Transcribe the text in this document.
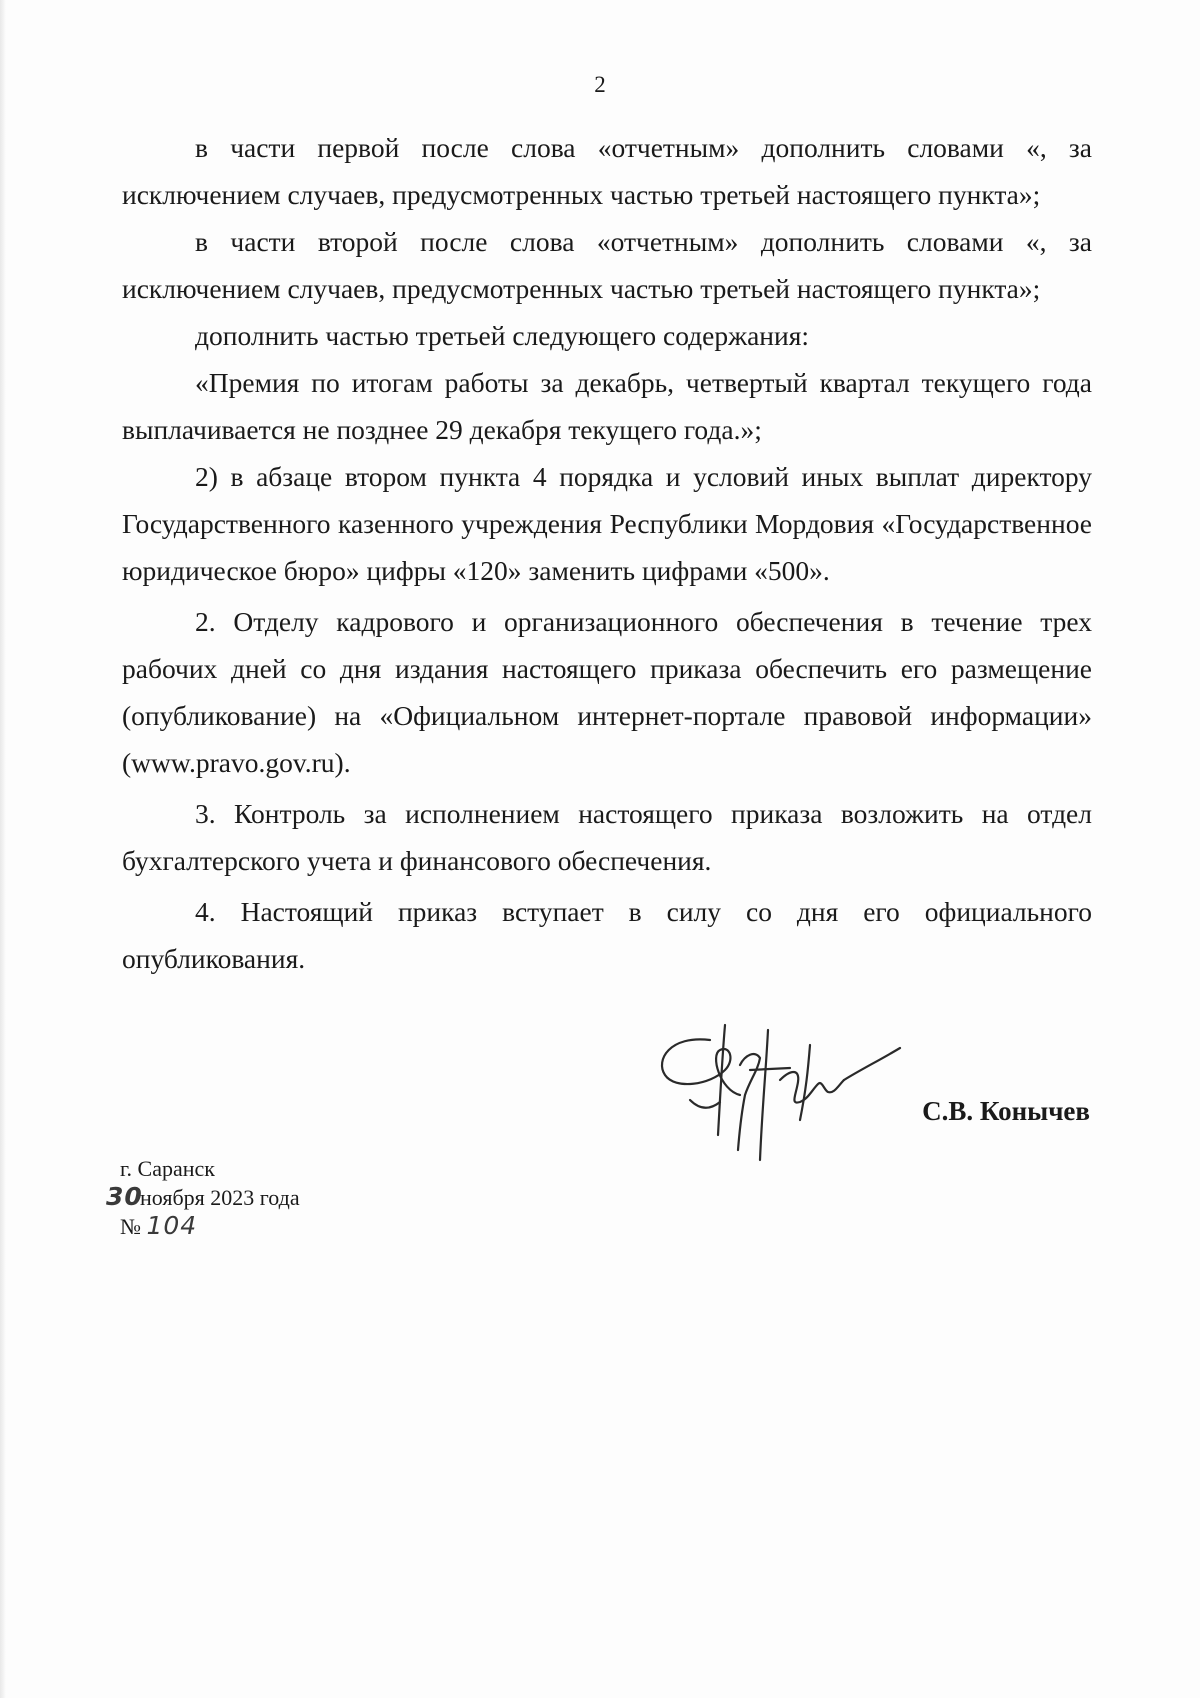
2

в части первой после слова «отчетным» дополнить словами «, за исключением случаев, предусмотренных частью третьей настоящего пункта»;

в части второй после слова «отчетным» дополнить словами «, за исключением случаев, предусмотренных частью третьей настоящего пункта»;

дополнить частью третьей следующего содержания:

«Премия по итогам работы за декабрь, четвертый квартал текущего года выплачивается не позднее 29 декабря текущего года.»;

2) в абзаце втором пункта 4 порядка и условий иных выплат директору Государственного казенного учреждения Республики Мордовия «Государственное юридическое бюро» цифры «120» заменить цифрами «500».

2. Отделу кадрового и организационного обеспечения в течение трех рабочих дней со дня издания настоящего приказа обеспечить его размещение (опубликование) на «Официальном интернет-портале правовой информации» (www.pravo.gov.ru).

3. Контроль за исполнением настоящего приказа возложить на отдел бухгалтерского учета и финансового обеспечения.

4. Настоящий приказ вступает в силу со дня его официального опубликования.

С.В. Конычев
г. Саранск
30ноября 2023 года
№ 104
